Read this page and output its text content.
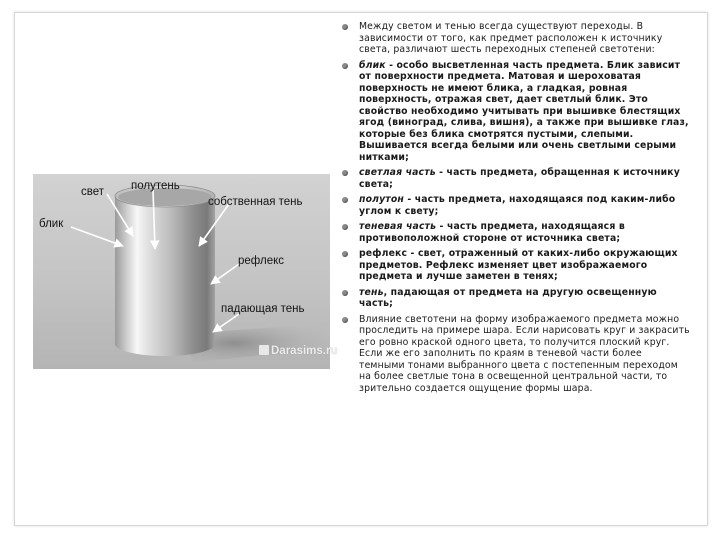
свет полутень
блик
собственная тень
рефлекс
падающая тень
Darasims.ru
Между светом и тенью всегда существуют переходы. В зависимости от того, как предмет расположен к источнику света, различают шесть переходных степеней светотени:
блик - особо высветленная часть предмета. Блик зависит от поверхности предмета. Матовая и шероховатая поверхность не имеют блика, а гладкая, ровная поверхность, отражая свет, дает светлый блик. Это свойство необходимо учитывать при вышивке блестящих ягод (виноград, слива, вишня), а также при вышивке глаз, которые без блика смотрятся пустыми, слепыми. Вышивается всегда белыми или очень светлыми серыми нитками;
светлая часть - часть предмета, обращенная к источнику света;
полутон - часть предмета, находящаяся под каким-либо углом к свету;
теневая часть - часть предмета, находящаяся в противоположной стороне от источника света;
рефлекс - свет, отраженный от каких-либо окружающих предметов. Рефлекс изменяет цвет изображаемого предмета и лучше заметен в тенях;
тень, падающая от предмета на другую освещенную часть;
Влияние светотени на форму изображаемого предмета можно проследить на примере шара. Если нарисовать круг и закрасить его ровно краской одного цвета, то получится плоский круг. Если же его заполнить по краям в теневой части более темными тонами выбранного цвета с постепенным переходом на более светлые тона в освещенной центральной части, то зрительно создается ощущение формы шара.
